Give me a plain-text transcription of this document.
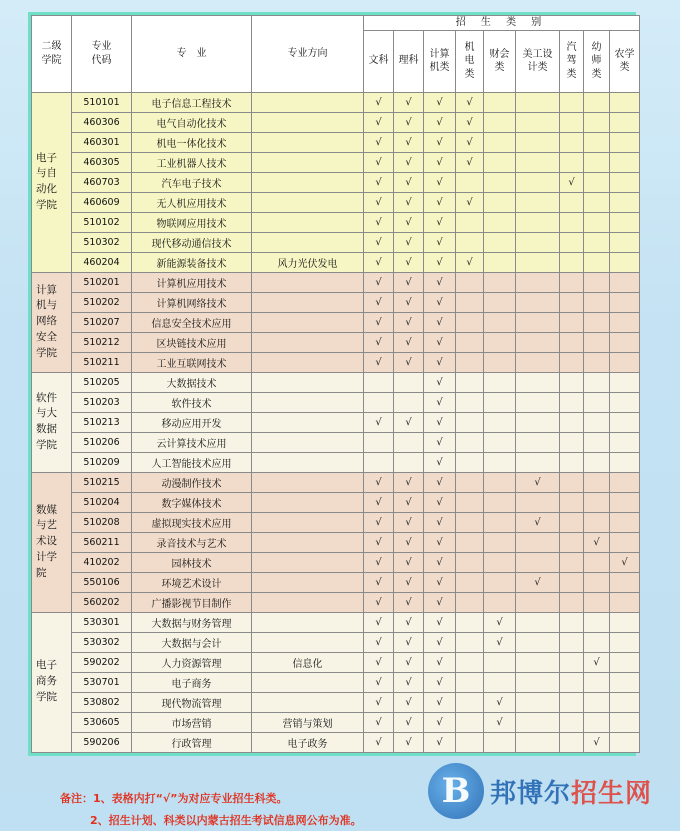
二级学院	专业代码	专　业	专业方向	招 生 类 别								
				文科	理科	计算机类	机电类	财会类	美工设计类	汽驾类	幼师类	农学类
电子与自动化学院	510101	电子信息工程技术		√	√	√	√					
	460306	电气自动化技术		√	√	√	√					
	460301	机电一体化技术		√	√	√	√					
	460305	工业机器人技术		√	√	√	√					
	460703	汽车电子技术		√	√	√				√		
	460609	无人机应用技术		√	√	√	√					
	510102	物联网应用技术		√	√	√						
	510302	现代移动通信技术		√	√	√						
	460204	新能源装备技术	风力光伏发电	√	√	√	√					
计算机与网络安全学院	510201	计算机应用技术		√	√	√						
	510202	计算机网络技术		√	√	√						
	510207	信息安全技术应用		√	√	√						
	510212	区块链技术应用		√	√	√						
	510211	工业互联网技术		√	√	√						
软件与大数据学院	510205	大数据技术				√						
	510203	软件技术				√						
	510213	移动应用开发		√	√	√						
	510206	云计算技术应用				√						
	510209	人工智能技术应用				√						
数媒与艺术设计学院	510215	动漫制作技术		√	√	√			√			
	510204	数字媒体技术		√	√	√						
	510208	虚拟现实技术应用		√	√	√			√			
	560211	录音技术与艺术		√	√	√					√	
	410202	园林技术		√	√	√						√
	550106	环境艺术设计		√	√	√			√			
	560202	广播影视节目制作		√	√	√						
电子商务学院	530301	大数据与财务管理		√	√	√		√				
	530302	大数据与会计		√	√	√		√				
	590202	人力资源管理	信息化	√	√	√					√	
	530701	电子商务		√	√	√						
	530802	现代物流管理		√	√	√		√				
	530605	市场营销	营销与策划	√	√	√		√				
	590206	行政管理	电子政务	√	√	√					√	
备注：1、表格内打“√”为对应专业招生科类。
2、招生计划、科类以内蒙古招生考试信息网公布为准。
B 邦博尔招生网
